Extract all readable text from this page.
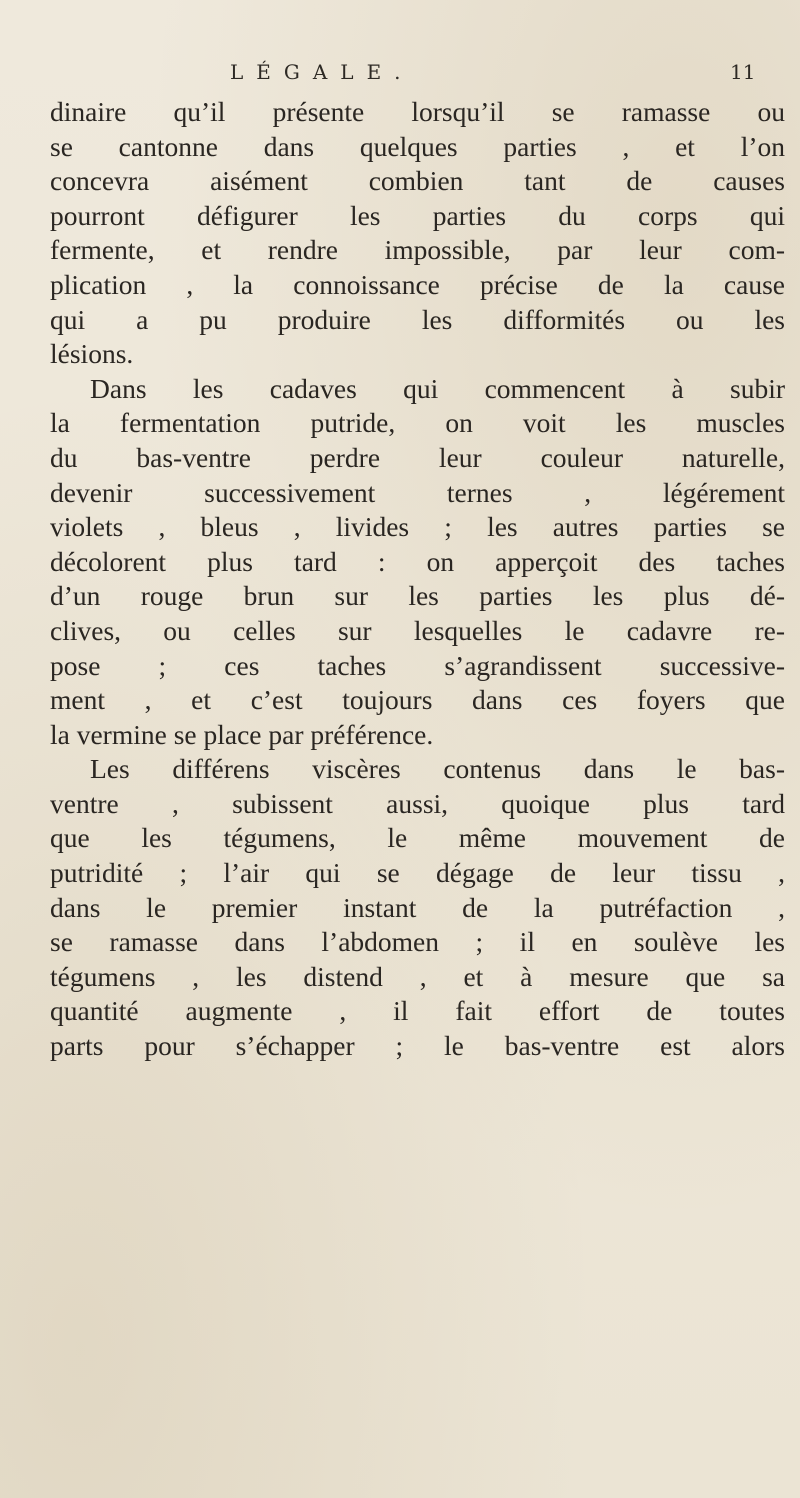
LÉGALE.	11
dinaire qu’il présente lorsqu’il se ramasse ou
se cantonne dans quelques parties , et l’on
concevra aisément combien tant de causes
pourront défigurer les parties du corps qui
fermente, et rendre impossible, par leur com-
plication , la connoissance précise de la cause
qui a pu produire les difformités ou les
lésions.
Dans les cadaves qui commencent à subir
la fermentation putride, on voit les muscles
du bas-ventre perdre leur couleur naturelle,
devenir successivement ternes , légérement
violets , bleus , livides ; les autres parties se
décolorent plus tard : on apperçoit des taches
d’un rouge brun sur les parties les plus dé-
clives, ou celles sur lesquelles le cadavre re-
pose ; ces taches s’agrandissent successive-
ment , et c’est toujours dans ces foyers que
la vermine se place par préférence.
Les différens viscères contenus dans le bas-
ventre , subissent aussi, quoique plus tard
que les tégumens, le même mouvement de
putridité ; l’air qui se dégage de leur tissu ,
dans le premier instant de la putréfaction ,
se ramasse dans l’abdomen ; il en soulève les
tégumens , les distend , et à mesure que sa
quantité augmente , il fait effort de toutes
parts pour s’échapper ; le bas-ventre est alors
